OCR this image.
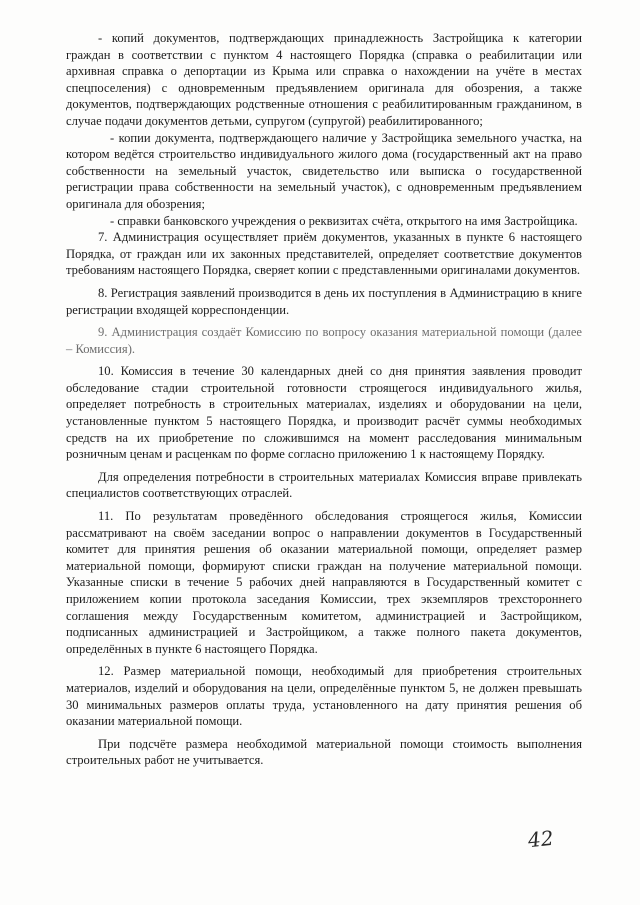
- копий документов, подтверждающих принадлежность Застройщика к категории граждан в соответствии с пунктом 4 настоящего Порядка (справка о реабилитации или архивная справка о депортации из Крыма или справка о нахождении на учёте в местах спецпоселения) с одновременным предъявлением оригинала для обозрения, а также документов, подтверждающих родственные отношения с реабилитированным гражданином, в случае подачи документов детьми, супругом (супругой) реабилитированного;

- копии документа, подтверждающего наличие у Застройщика земельного участка, на котором ведётся строительство индивидуального жилого дома (государственный акт на право собственности на земельный участок, свидетельство или выписка о государственной регистрации права собственности на земельный участок), с одновременным предъявлением оригинала для обозрения;

- справки банковского учреждения о реквизитах счёта, открытого на имя Застройщика.

7. Администрация осуществляет приём документов, указанных в пункте 6 настоящего Порядка, от граждан или их законных представителей, определяет соответствие документов требованиям настоящего Порядка, сверяет копии с представленными оригиналами документов.

8. Регистрация заявлений производится в день их поступления в Администрацию в книге регистрации входящей корреспонденции.

9. Администрация создаёт Комиссию по вопросу оказания материальной помощи (далее – Комиссия).

10. Комиссия в течение 30 календарных дней со дня принятия заявления проводит обследование стадии строительной готовности строящегося индивидуального жилья, определяет потребность в строительных материалах, изделиях и оборудовании на цели, установленные пунктом 5 настоящего Порядка, и производит расчёт суммы необходимых средств на их приобретение по сложившимся на момент расследования минимальным розничным ценам и расценкам по форме согласно приложению 1 к настоящему Порядку.

Для определения потребности в строительных материалах Комиссия вправе привлекать специалистов соответствующих отраслей.

11. По результатам проведённого обследования строящегося жилья, Комиссии рассматривают на своём заседании вопрос о направлении документов в Государственный комитет для принятия решения об оказании материальной помощи, определяет размер материальной помощи, формируют списки граждан на получение материальной помощи. Указанные списки в течение 5 рабочих дней направляются в Государственный комитет с приложением копии протокола заседания Комиссии, трех экземпляров трехстороннего соглашения между Государственным комитетом, администрацией и Застройщиком, подписанных администрацией и Застройщиком, а также полного пакета документов, определённых в пункте 6 настоящего Порядка.

12. Размер материальной помощи, необходимый для приобретения строительных материалов, изделий и оборудования на цели, определённые пунктом 5, не должен превышать 30 минимальных размеров оплаты труда, установленного на дату принятия решения об оказании материальной помощи.

При подсчёте размера необходимой материальной помощи стоимость выполнения строительных работ не учитывается.

42
